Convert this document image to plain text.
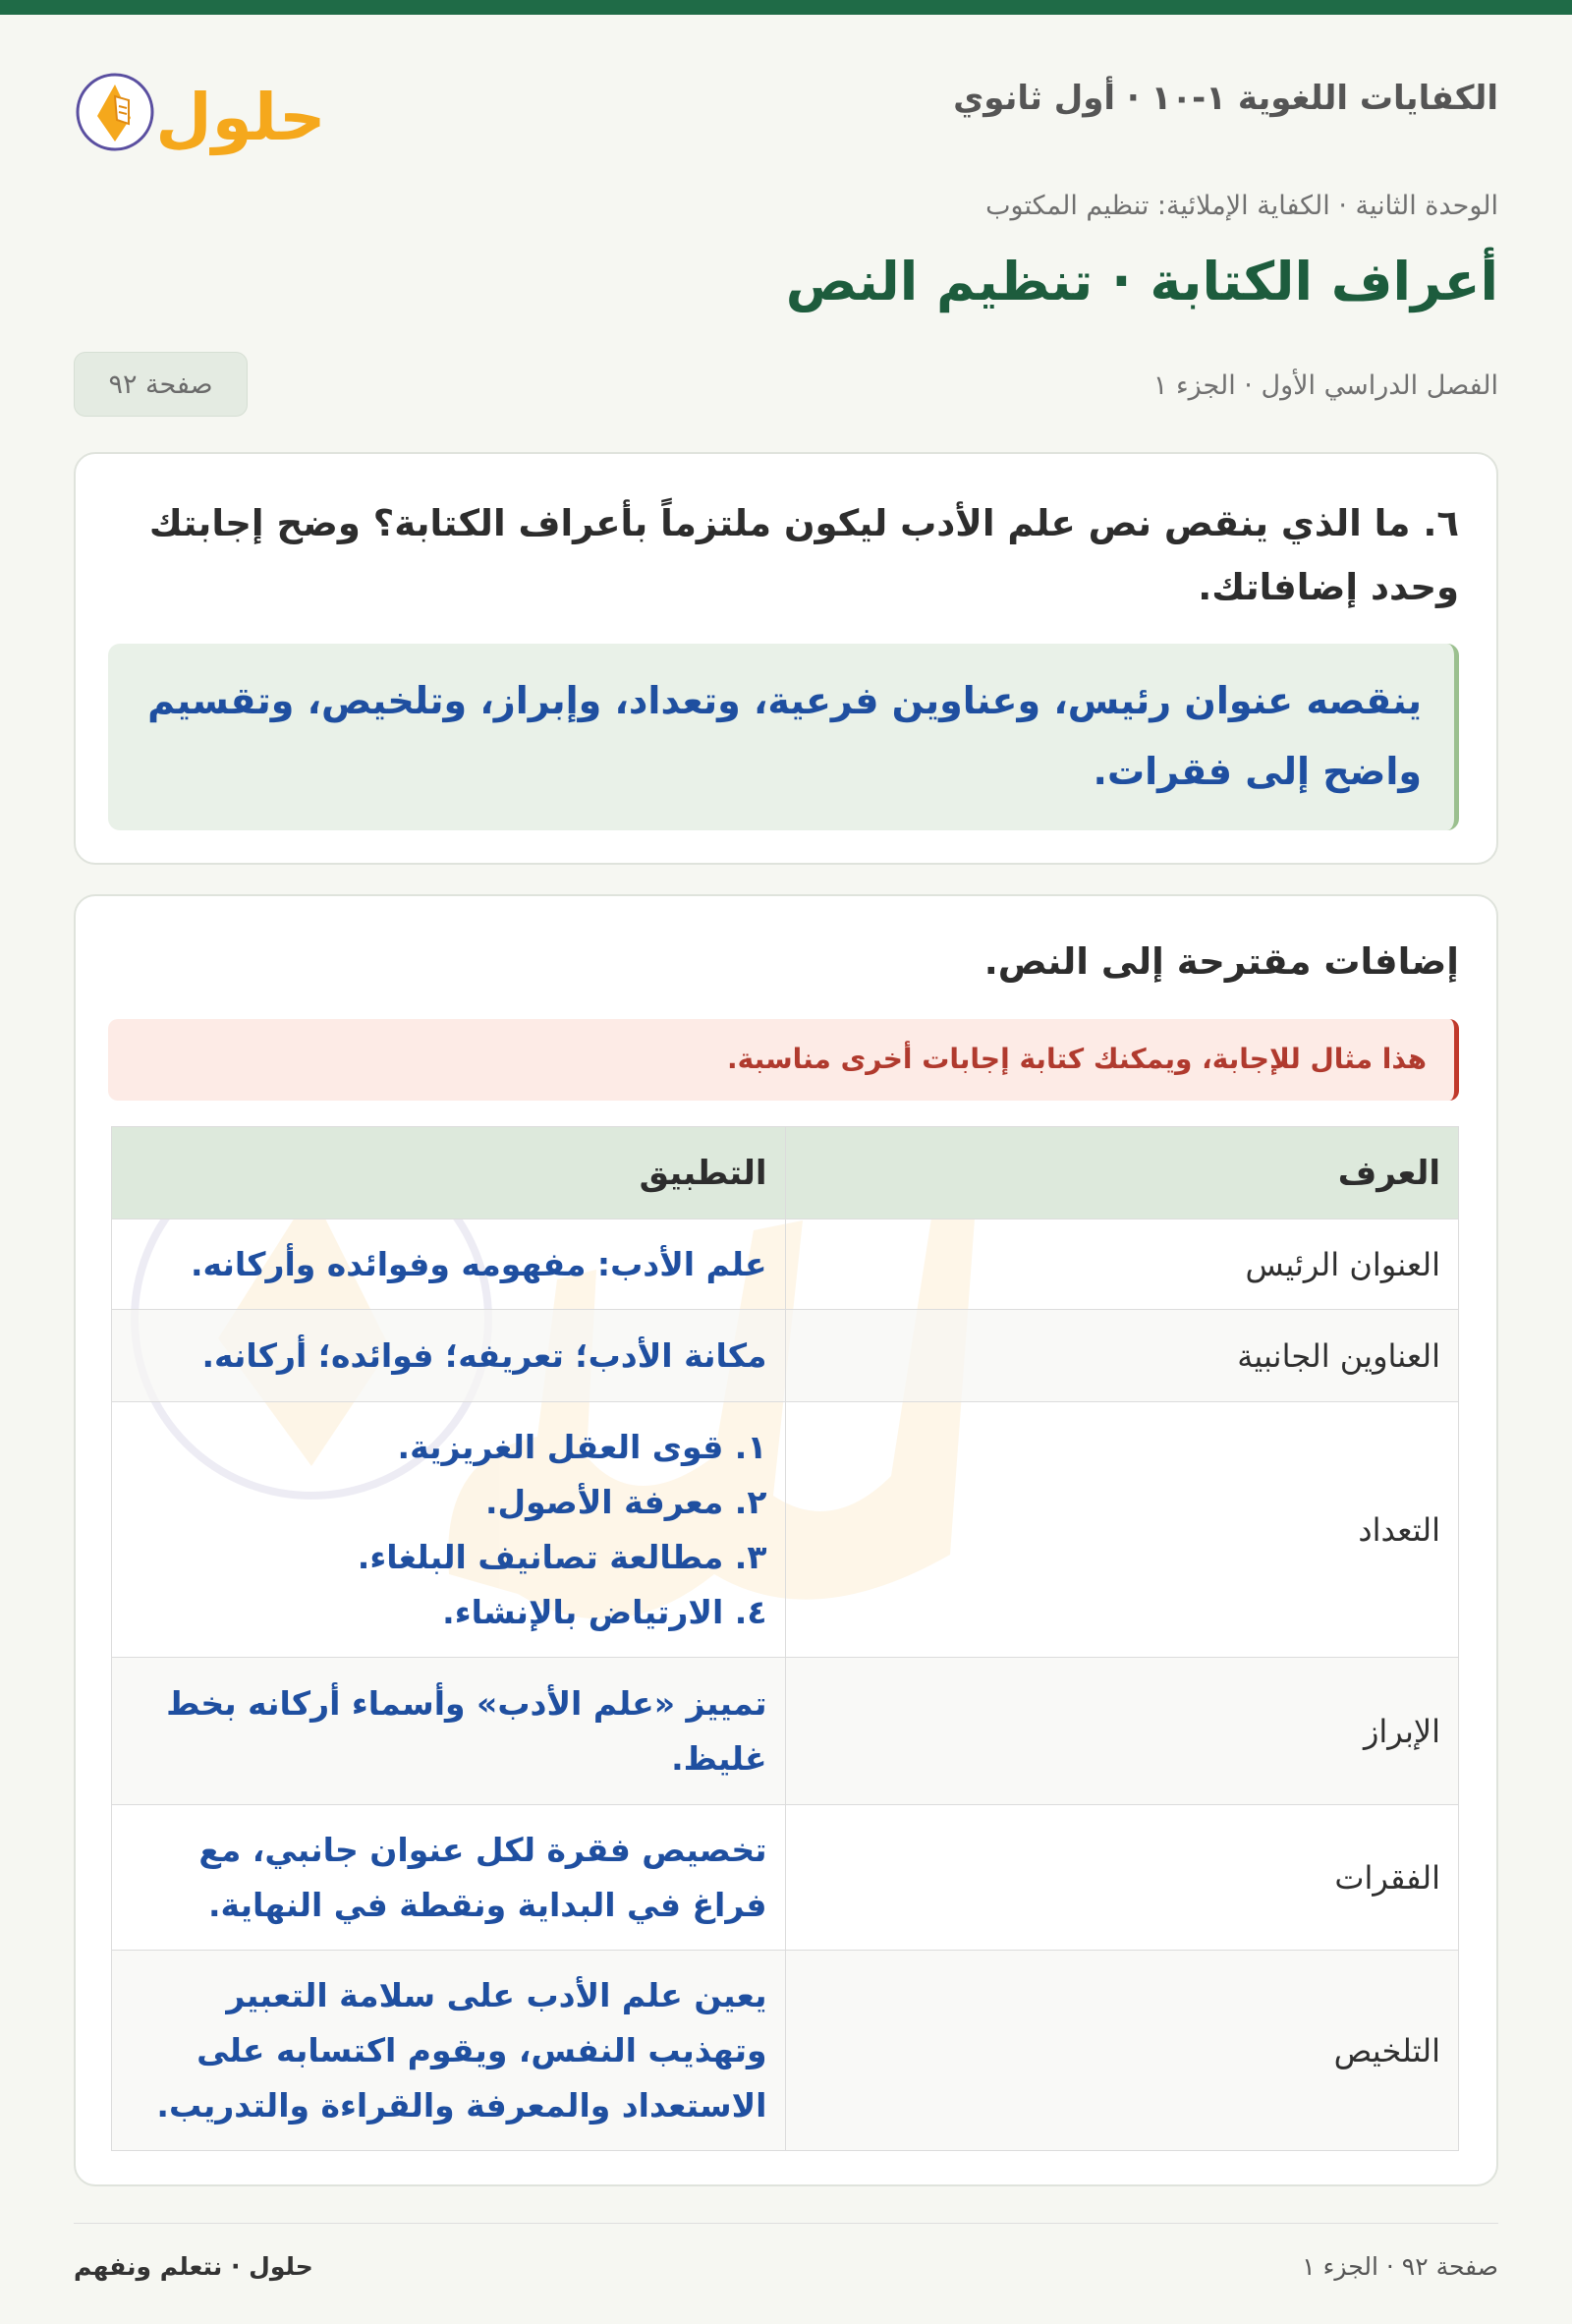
الكفايات اللغوية ١-١٠ · أول ثانوي
حلول
الوحدة الثانية · الكفاية الإملائية: تنظيم المكتوب
أعراف الكتابة · تنظيم النص
الفصل الدراسي الأول · الجزء ١
صفحة ٩٢
٦. ما الذي ينقص نص علم الأدب ليكون ملتزماً بأعراف الكتابة؟ وضح إجابتك وحدد إضافاتك.
ينقصه عنوان رئيس، وعناوين فرعية، وتعداد، وإبراز، وتلخيص، وتقسيم واضح إلى فقرات.
إضافات مقترحة إلى النص.
هذا مثال للإجابة، ويمكنك كتابة إجابات أخرى مناسبة.
العرف	التطبيق
العنوان الرئيس	علم الأدب: مفهومه وفوائده وأركانه.

العناوين الجانبية	مكانة الأدب؛ تعريفه؛ فوائده؛ أركانه.

التعداد	١. قوى العقل الغريزية.
٢. معرفة الأصول.
٣. مطالعة تصانيف البلغاء.
٤. الارتياض بالإنشاء.

الإبراز	تمييز «علم الأدب» وأسماء أركانه بخط غليظ.

الفقرات	تخصيص فقرة لكل عنوان جانبي، مع فراغ في البداية ونقطة في النهاية.

التلخيص	يعين علم الأدب على سلامة التعبير وتهذيب النفس، ويقوم اكتسابه على الاستعداد والمعرفة والقراءة والتدريب.
حلول · نتعلم ونفهم	صفحة ٩٢ · الجزء ١
